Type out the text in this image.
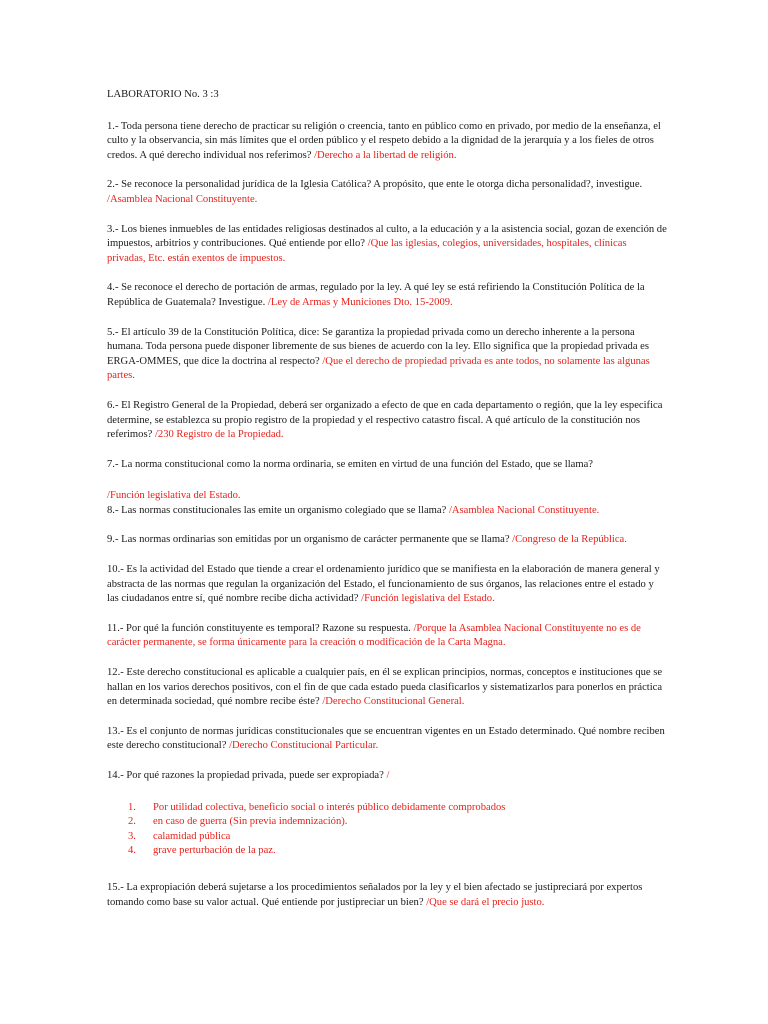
LABORATORIO No. 3 :3

1.- Toda persona tiene derecho de practicar su religión o creencia, tanto en público como en privado, por medio de la enseñanza, el culto y la observancia, sin más límites que el orden público y el respeto debido a la dignidad de la jerarquía y a los fieles de otros credos. A qué derecho individual nos referimos? /Derecho a la libertad de religión.

2.- Se reconoce la personalidad jurídica de la Iglesia Católica? A propósito, que ente le otorga dicha personalidad?, investigue. /Asamblea Nacional Constituyente.

3.- Los bienes inmuebles de las entidades religiosas destinados al culto, a la educación y a la asistencia social, gozan de exención de impuestos, arbitrios y contribuciones. Qué entiende por ello? /Que las iglesias, colegios, universidades, hospitales, clínicas privadas, Etc. están exentos de impuestos.

4.- Se reconoce el derecho de portación de armas, regulado por la ley. A qué ley se está refiriendo la Constitución Política de la República de Guatemala? Investigue. /Ley de Armas y Municiones Dto. 15-2009.

5.- El artículo 39 de la Constitución Política, dice: Se garantiza la propiedad privada como un derecho inherente a la persona humana. Toda persona puede disponer libremente de sus bienes de acuerdo con la ley. Ello significa que la propiedad privada es ERGA-OMMES, que dice la doctrina al respecto? /Que el derecho de propiedad privada es ante todos, no solamente las algunas partes.

6.- El Registro General de la Propiedad, deberá ser organizado a efecto de que en cada departamento o región, que la ley especifica determine, se establezca su propio registro de la propiedad y el respectivo catastro fiscal. A qué artículo de la constitución nos referimos? /230 Registro de la Propiedad.

7.- La norma constitucional como la norma ordinaria, se emiten en virtud de una función del Estado, que se llama?

/Función legislativa del Estado.
8.- Las normas constitucionales las emite un organismo colegiado que se llama? /Asamblea Nacional Constituyente.

9.- Las normas ordinarias son emitidas por un organismo de carácter permanente que se llama? /Congreso de la República.

10.- Es la actividad del Estado que tiende a crear el ordenamiento jurídico que se manifiesta en la elaboración de manera general y abstracta de las normas que regulan la organización del Estado, el funcionamiento de sus órganos, las relaciones entre el estado y las ciudadanos entre sí, qué nombre recibe dicha actividad? /Función legislativa del Estado.

11.- Por qué la función constituyente es temporal? Razone su respuesta. /Porque la Asamblea Nacional Constituyente no es de carácter permanente, se forma únicamente para la creación o modificación de la Carta Magna.

12.- Este derecho constitucional es aplicable a cualquier país, en él se explican principios, normas, conceptos e instituciones que se hallan en los varios derechos positivos, con el fin de que cada estado pueda clasificarlos y sistematizarlos para ponerlos en práctica en determinada sociedad, qué nombre recibe éste? /Derecho Constitucional General.

13.- Es el conjunto de normas jurídicas constitucionales que se encuentran vigentes en un Estado determinado. Qué nombre reciben este derecho constitucional? /Derecho Constitucional Particular.

14.- Por qué razones la propiedad privada, puede ser expropiada? /

1.	Por utilidad colectiva, beneficio social o interés público debidamente comprobados
2.	en caso de guerra (Sin previa indemnización).
3.	calamidad pública
4.	grave perturbación de la paz.

15.- La expropiación deberá sujetarse a los procedimientos señalados por la ley y el bien afectado se justipreciará por expertos tomando como base su valor actual. Qué entiende por justipreciar un bien? /Que se dará el precio justo.
